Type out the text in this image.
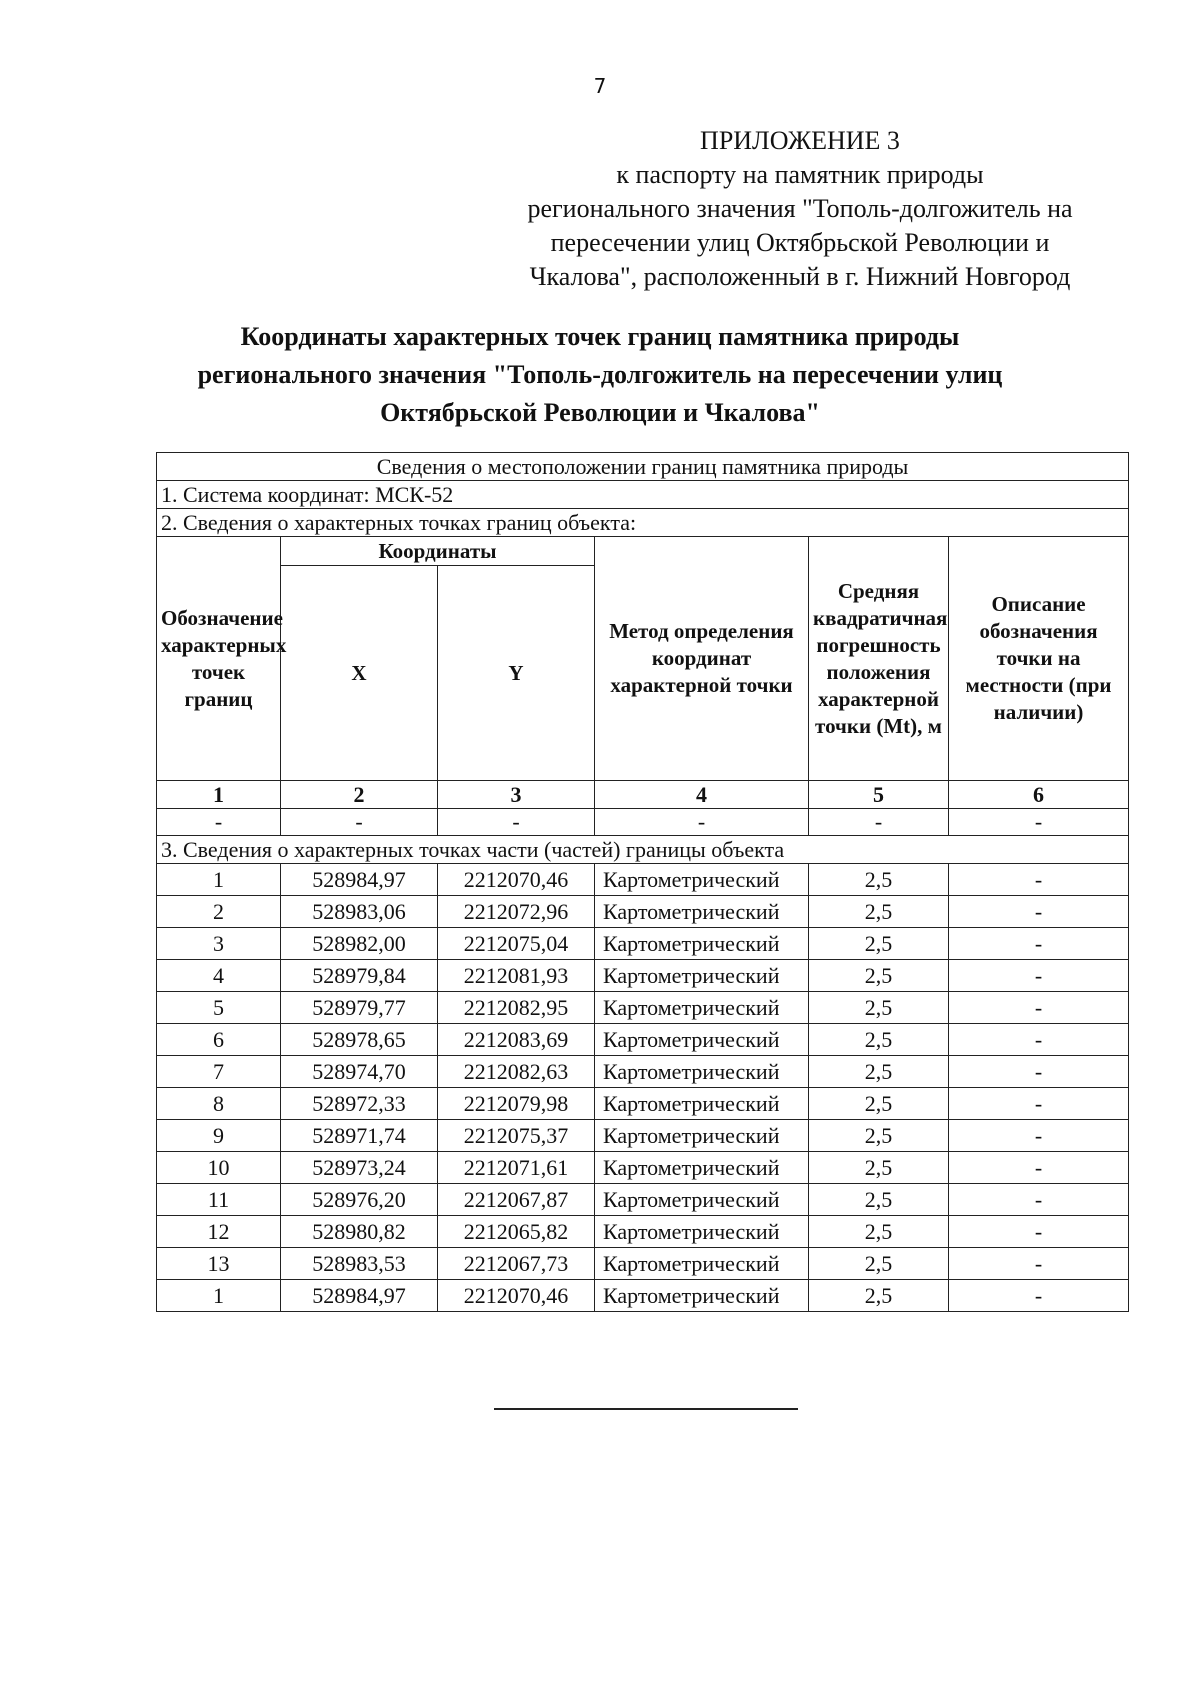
7
ПРИЛОЖЕНИЕ 3
к паспорту на памятник природы
регионального значения "Тополь-долгожитель на
пересечении улиц Октябрьской Революции и
Чкалова", расположенный в г. Нижний Новгород
Координаты характерных точек границ памятника природы
регионального значения "Тополь-долгожитель на пересечении улиц
Октябрьской Революции и Чкалова"
Сведения о местоположении границ памятника природы					
1. Система координат: МСК-52					
2. Сведения о характерных точках границ объекта:					
Обозначение характерных точек границ	Координаты		Метод определения координат характерной точки	Средняя квадратичная погрешность положения характерной точки (Mt), м	Описание обозначения точки на местности (при наличии)
	X	Y			
1	2	3	4	5	6
-	-	-	-	-	-
3. Сведения о характерных точках части (частей) границы объекта					
1	528984,97	2212070,46	Картометрический	2,5	-
2	528983,06	2212072,96	Картометрический	2,5	-
3	528982,00	2212075,04	Картометрический	2,5	-
4	528979,84	2212081,93	Картометрический	2,5	-
5	528979,77	2212082,95	Картометрический	2,5	-
6	528978,65	2212083,69	Картометрический	2,5	-
7	528974,70	2212082,63	Картометрический	2,5	-
8	528972,33	2212079,98	Картометрический	2,5	-
9	528971,74	2212075,37	Картометрический	2,5	-
10	528973,24	2212071,61	Картометрический	2,5	-
11	528976,20	2212067,87	Картометрический	2,5	-
12	528980,82	2212065,82	Картометрический	2,5	-
13	528983,53	2212067,73	Картометрический	2,5	-
1	528984,97	2212070,46	Картометрический	2,5	-
